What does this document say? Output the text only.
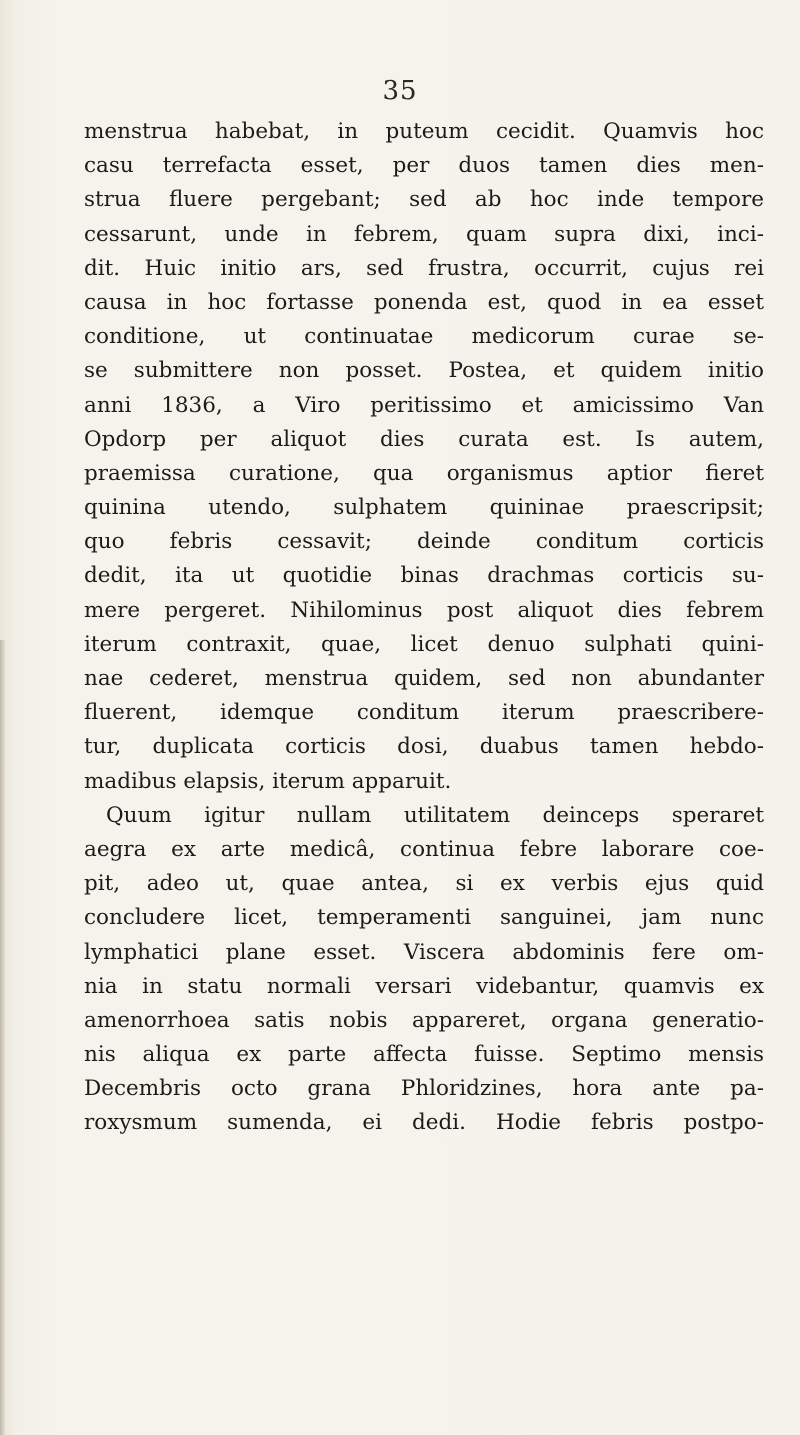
35
menstrua habebat, in puteum cecidit. Quamvis hoc
casu terrefacta esset, per duos tamen dies men-
strua fluere pergebant; sed ab hoc inde tempore
cessarunt, unde in febrem, quam supra dixi, inci-
dit. Huic initio ars, sed frustra, occurrit, cujus rei
causa in hoc fortasse ponenda est, quod in ea esset
conditione, ut continuatae medicorum curae se-
se submittere non posset. Postea, et quidem initio
anni 1836, a Viro peritissimo et amicissimo Van
Opdorp per aliquot dies curata est. Is autem,
praemissa curatione, qua organismus aptior fieret
quinina utendo, sulphatem quininae praescripsit;
quo febris cessavit; deinde conditum corticis
dedit, ita ut quotidie binas drachmas corticis su-
mere pergeret. Nihilominus post aliquot dies febrem
iterum contraxit, quae, licet denuo sulphati quini-
nae cederet, menstrua quidem, sed non abundanter
fluerent, idemque conditum iterum praescribere-
tur, duplicata corticis dosi, duabus tamen hebdo-
madibus elapsis, iterum apparuit.
Quum igitur nullam utilitatem deinceps speraret
aegra ex arte medicâ, continua febre laborare coe-
pit, adeo ut, quae antea, si ex verbis ejus quid
concludere licet, temperamenti sanguinei, jam nunc
lymphatici plane esset. Viscera abdominis fere om-
nia in statu normali versari videbantur, quamvis ex
amenorrhoea satis nobis appareret, organa generatio-
nis aliqua ex parte affecta fuisse. Septimo mensis
Decembris octo grana Phloridzines, hora ante pa-
roxysmum sumenda, ei dedi. Hodie febris postpo-
